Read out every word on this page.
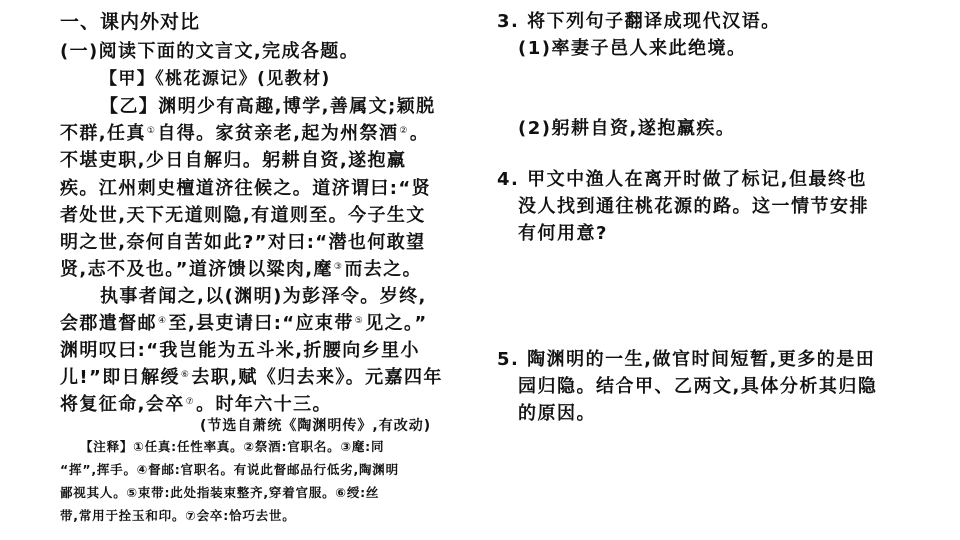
一、课内外对比
(一)阅读下面的文言文,完成各题。
【甲】《桃花源记》(见教材)
【乙】渊明少有高趣,博学,善属文;颖脱
不群,任真①自得。家贫亲老,起为州祭酒②。
不堪吏职,少日自解归。躬耕自资,遂抱羸
疾。江州刺史檀道济往候之。道济谓曰:“贤
者处世,天下无道则隐,有道则至。今子生文
明之世,奈何自苦如此?”对曰:“潜也何敢望
贤,志不及也。”道济馈以粱肉,麾③而去之。
执事者闻之,以(渊明)为彭泽令。岁终,
会郡遣督邮④至,县吏请曰:“应束带⑤见之。”
渊明叹曰:“我岂能为五斗米,折腰向乡里小
儿!”即日解绶⑥去职,赋《归去来》。元嘉四年
将复征命,会卒⑦。时年六十三。
(节选自萧统《陶渊明传》,有改动)
【注释】①任真:任性率真。②祭酒:官职名。③麾:同
“挥”,挥手。④督邮:官职名。有说此督邮品行低劣,陶渊明
鄙视其人。⑤束带:此处指装束整齐,穿着官服。⑥绶:丝
带,常用于拴玉和印。⑦会卒:恰巧去世。
3. 将下列句子翻译成现代汉语。
(1)率妻子邑人来此绝境。
(2)躬耕自资,遂抱羸疾。
4. 甲文中渔人在离开时做了标记,但最终也
没人找到通往桃花源的路。这一情节安排
有何用意?
5. 陶渊明的一生,做官时间短暂,更多的是田
园归隐。结合甲、乙两文,具体分析其归隐
的原因。
